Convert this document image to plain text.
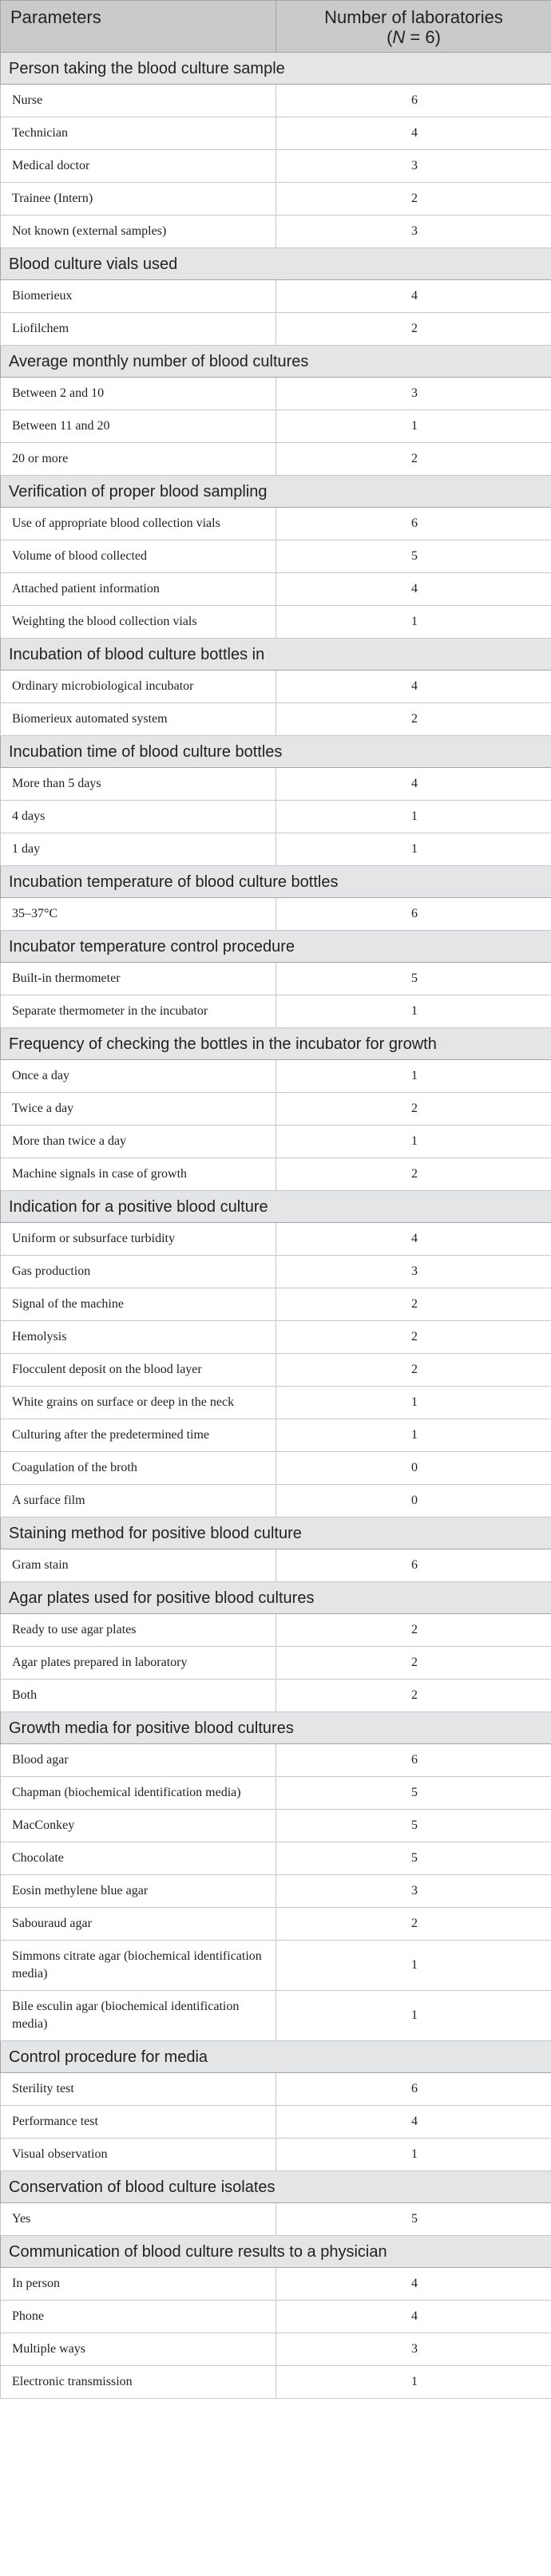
Parameters	Number of laboratories
(N = 6)
Person taking the blood culture sample	
Nurse	6
Technician	4
Medical doctor	3
Trainee (Intern)	2
Not known (external samples)	3
Blood culture vials used	
Biomerieux	4
Liofilchem	2
Average monthly number of blood cultures	
Between 2 and 10	3
Between 11 and 20	1
20 or more	2
Verification of proper blood sampling	
Use of appropriate blood collection vials	6
Volume of blood collected	5
Attached patient information	4
Weighting the blood collection vials	1
Incubation of blood culture bottles in	
Ordinary microbiological incubator	4
Biomerieux automated system	2
Incubation time of blood culture bottles	
More than 5 days	4
4 days	1
1 day	1
Incubation temperature of blood culture bottles	
35–37°C	6
Incubator temperature control procedure	
Built-in thermometer	5
Separate thermometer in the incubator	1
Frequency of checking the bottles in the incubator for growth	
Once a day	1
Twice a day	2
More than twice a day	1
Machine signals in case of growth	2
Indication for a positive blood culture	
Uniform or subsurface turbidity	4
Gas production	3
Signal of the machine	2
Hemolysis	2
Flocculent deposit on the blood layer	2
White grains on surface or deep in the neck	1
Culturing after the predetermined time	1
Coagulation of the broth	0
A surface film	0
Staining method for positive blood culture	
Gram stain	6
Agar plates used for positive blood cultures	
Ready to use agar plates	2
Agar plates prepared in laboratory	2
Both	2
Growth media for positive blood cultures	
Blood agar	6
Chapman (biochemical identification media)	5
MacConkey	5
Chocolate	5
Eosin methylene blue agar	3
Sabouraud agar	2
Simmons citrate agar (biochemical identification media)	1
Bile esculin agar (biochemical identification media)	1
Control procedure for media	
Sterility test	6
Performance test	4
Visual observation	1
Conservation of blood culture isolates	
Yes	5
Communication of blood culture results to a physician	
In person	4
Phone	4
Multiple ways	3
Electronic transmission	1
